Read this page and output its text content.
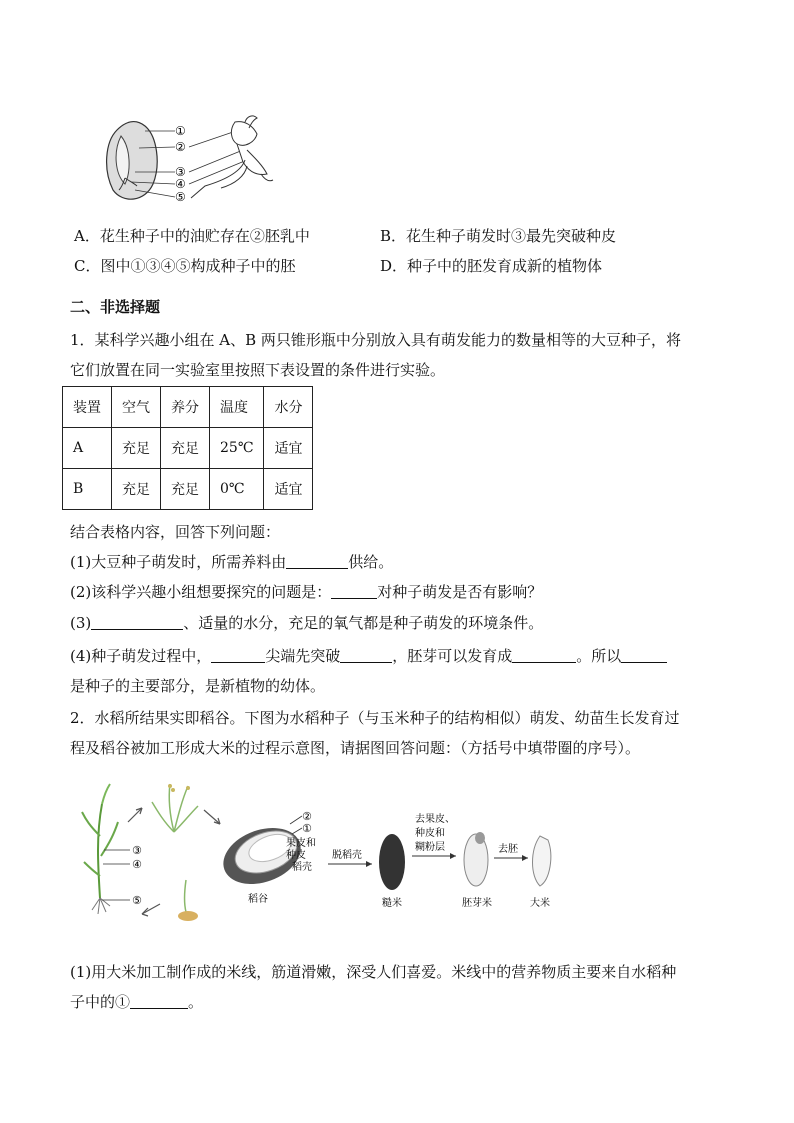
①
②
③
④
⑤
A．花生种子中的油贮存在②胚乳中	B．花生种子萌发时③最先突破种皮
C．图中①③④⑤构成种子中的胚	D．种子中的胚发育成新的植物体
二、非选择题
1．某科学兴趣小组在 A、B 两只锥形瓶中分别放入具有萌发能力的数量相等的大豆种子，将
它们放置在同一实验室里按照下表设置的条件进行实验。
装置	空气	养分	温度	水分
A	充足	充足	25℃	适宜
B	充足	充足	0℃	适宜
结合表格内容，回答下列问题：
(1)大豆种子萌发时，所需养料由	供给。
(2)该科学兴趣小组想要探究的问题是：	对种子萌发是否有影响？
(3)	、适量的水分，充足的氧气都是种子萌发的环境条件。
(4)种子萌发过程中，	尖端先突破	，胚芽可以发育成	。所以
是种子的主要部分，是新植物的幼体。
2．水稻所结果实即稻谷。下图为水稻种子（与玉米种子的结构相似）萌发、幼苗生长发育过
程及稻谷被加工形成大米的过程示意图，请据图回答问题：（方括号中填带圈的序号）。
③
④
⑤
②
①
果皮和
种皮
稻壳
稻谷
脱稻壳
糙米
去果皮、
种皮和
糊粉层
胚芽米
去胚
大米
(1)用大米加工制作成的米线，筋道滑嫩，深受人们喜爱。米线中的营养物质主要来自水稻种
子中的①	。
